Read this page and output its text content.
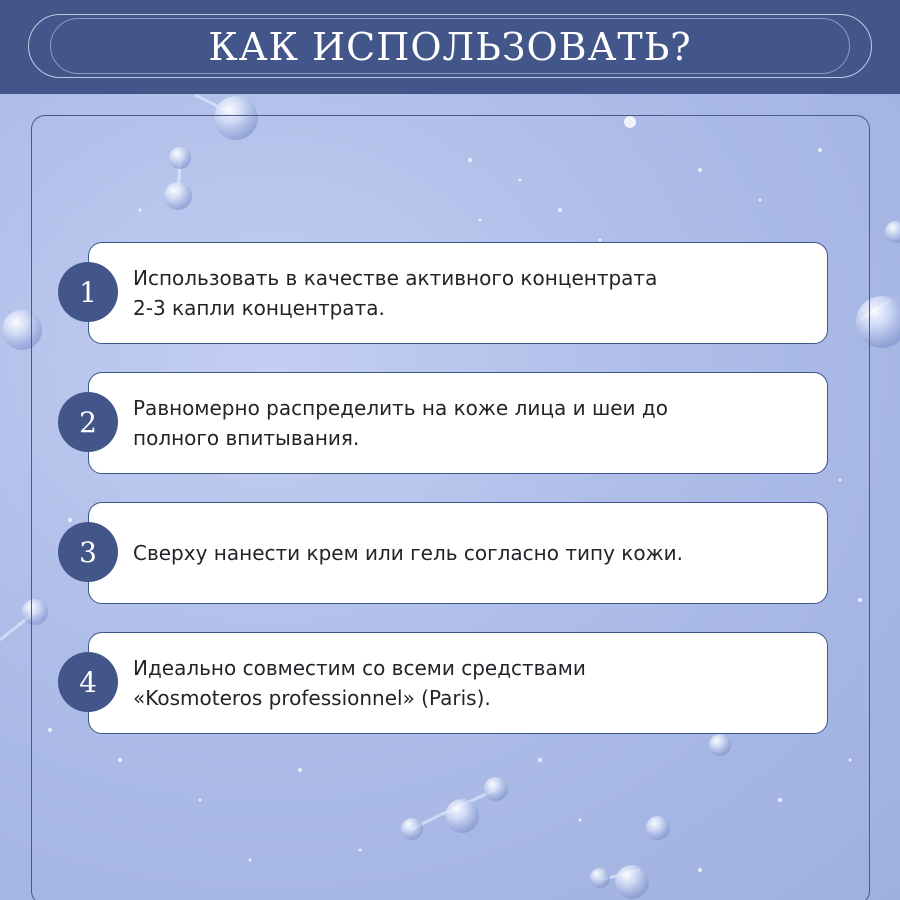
КАК ИСПОЛЬЗОВАТЬ?
Использовать в качестве активного концентрата
2-3 капли концентрата.
1
Равномерно распределить на коже лица и шеи до
полного впитывания.
2
Сверху нанести крем или гель согласно типу кожи.
3
Идеально совместим со всеми средствами
«Kosmoteros professionnel» (Paris).
4
